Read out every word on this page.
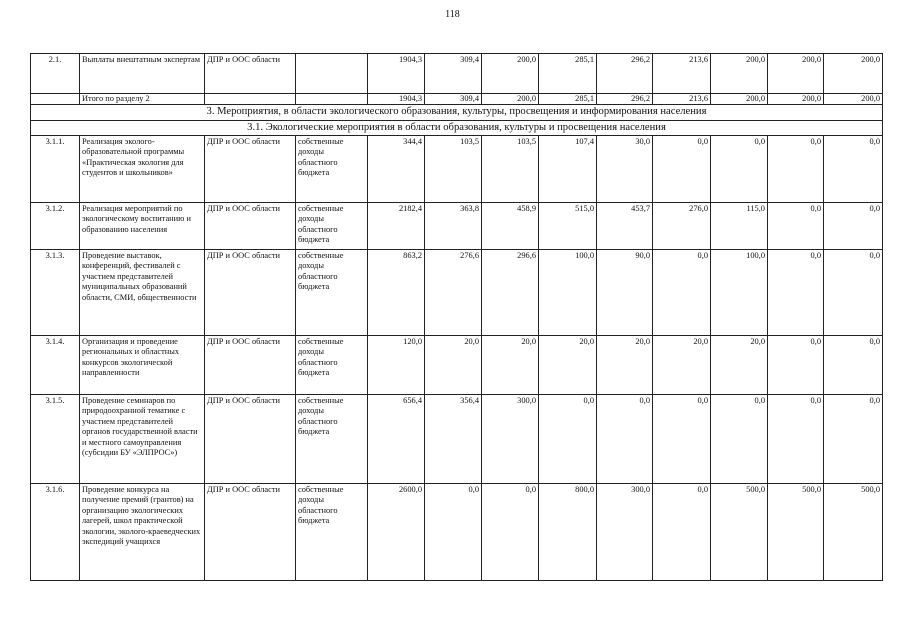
118
2.1.	Выплаты внештатным экспертам	ДПР и ООС области		1904,3	309,4	200,0	285,1	296,2	213,6	200,0	200,0	200,0
	Итого по разделу 2			1904,3	309,4	200,0	285,1	296,2	213,6	200,0	200,0	200,0
3. Мероприятия, в области экологического образования, культуры, просвещения и информирования населения												
3.1. Экологические мероприятия в области образования, культуры и просвещения населения												
3.1.1.	Реализация эколого-образовательной программы «Практическая экология для студентов и школьников»	ДПР и ООС области	собственные доходы областного бюджета	344,4	103,5	103,5	107,4	30,0	0,0	0,0	0,0	0,0
3.1.2.	Реализация мероприятий по экологическому воспитанию и образованию населения	ДПР и ООС области	собственные доходы областного бюджета	2182,4	363,8	458,9	515,0	453,7	276,0	115,0	0,0	0,0
3.1.3.	Проведение выставок, конференций, фестивалей с участием представителей муниципальных образований области, СМИ, общественности	ДПР и ООС области	собственные доходы областного бюджета	863,2	276,6	296,6	100,0	90,0	0,0	100,0	0,0	0,0
3.1.4.	Организация и проведение региональных и областных конкурсов экологической направленности	ДПР и ООС области	собственные доходы областного бюджета	120,0	20,0	20,0	20,0	20,0	20,0	20,0	0,0	0,0
3.1.5.	Проведение семинаров по природоохранной тематике с участием представителей органов государственной власти и местного самоуправления (субсидии БУ «ЭЛПРОС»)	ДПР и ООС области	собственные доходы областного бюджета	656,4	356,4	300,0	0,0	0,0	0,0	0,0	0,0	0,0
3.1.6.	Проведение конкурса на получение премий (грантов) на организацию экологических лагерей, школ практической экологии, эколого-краеведческих экспедиций учащихся	ДПР и ООС области	собственные доходы областного бюджета	2600,0	0,0	0,0	800,0	300,0	0,0	500,0	500,0	500,0
